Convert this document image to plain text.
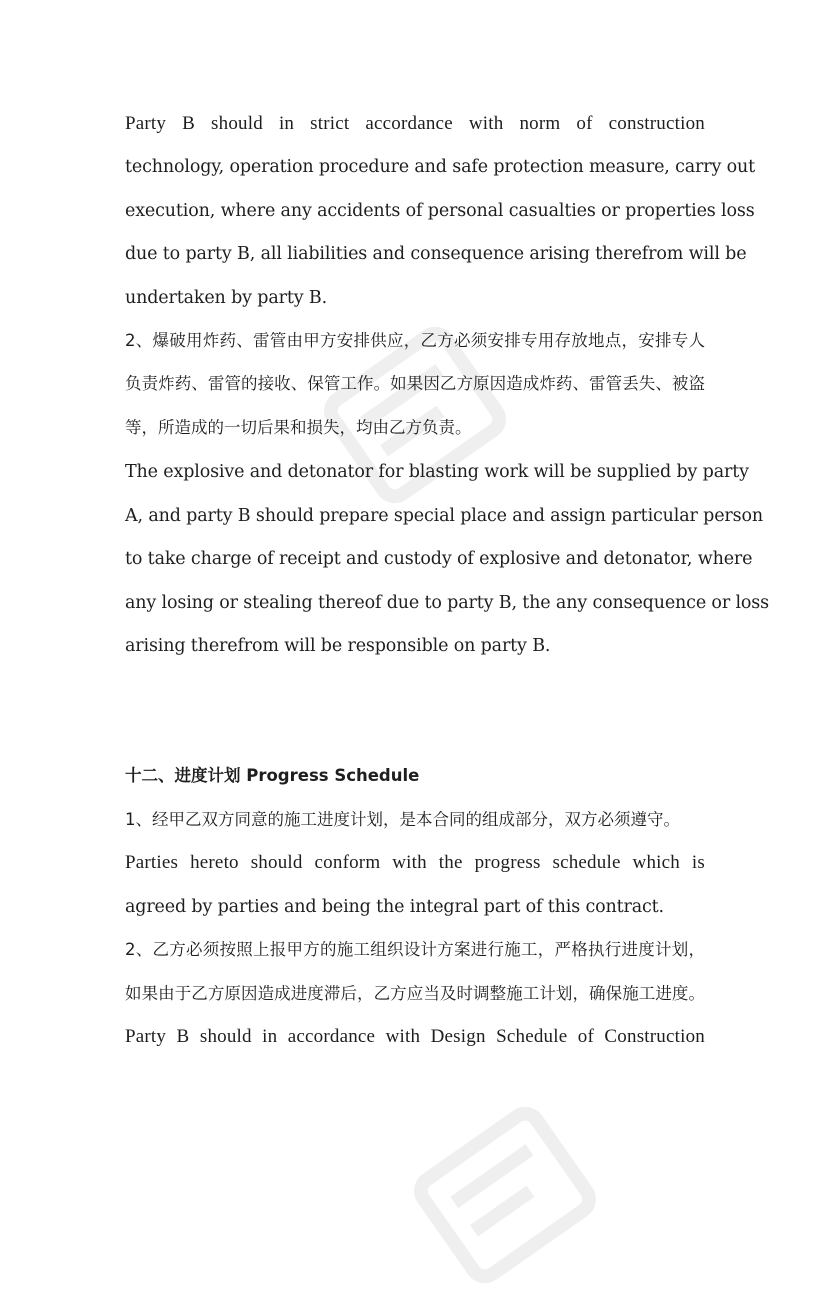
Party B should in strict accordance with norm of construction
technology, operation procedure and safe protection measure, carry out
execution, where any accidents of personal casualties or properties loss
due to party B, all liabilities and consequence arising therefrom will be
undertaken by party B.
2、爆破用炸药、雷管由甲方安排供应，乙方必须安排专用存放地点，安排专人
负责炸药、雷管的接收、保管工作。如果因乙方原因造成炸药、雷管丢失、被盗
等，所造成的一切后果和损失，均由乙方负责。
The explosive and detonator for blasting work will be supplied by party
A, and party B should prepare special place and assign particular person
to take charge of receipt and custody of explosive and detonator, where
any losing or stealing thereof due to party B, the any consequence or loss
arising therefrom will be responsible on party B.
十二、进度计划 Progress Schedule
1、经甲乙双方同意的施工进度计划，是本合同的组成部分，双方必须遵守。
Parties hereto should conform with the progress schedule which is
agreed by parties and being the integral part of this contract.
2、乙方必须按照上报甲方的施工组织设计方案进行施工，严格执行进度计划，
如果由于乙方原因造成进度滞后，乙方应当及时调整施工计划，确保施工进度。
Party B should in accordance with Design Schedule of Construction
